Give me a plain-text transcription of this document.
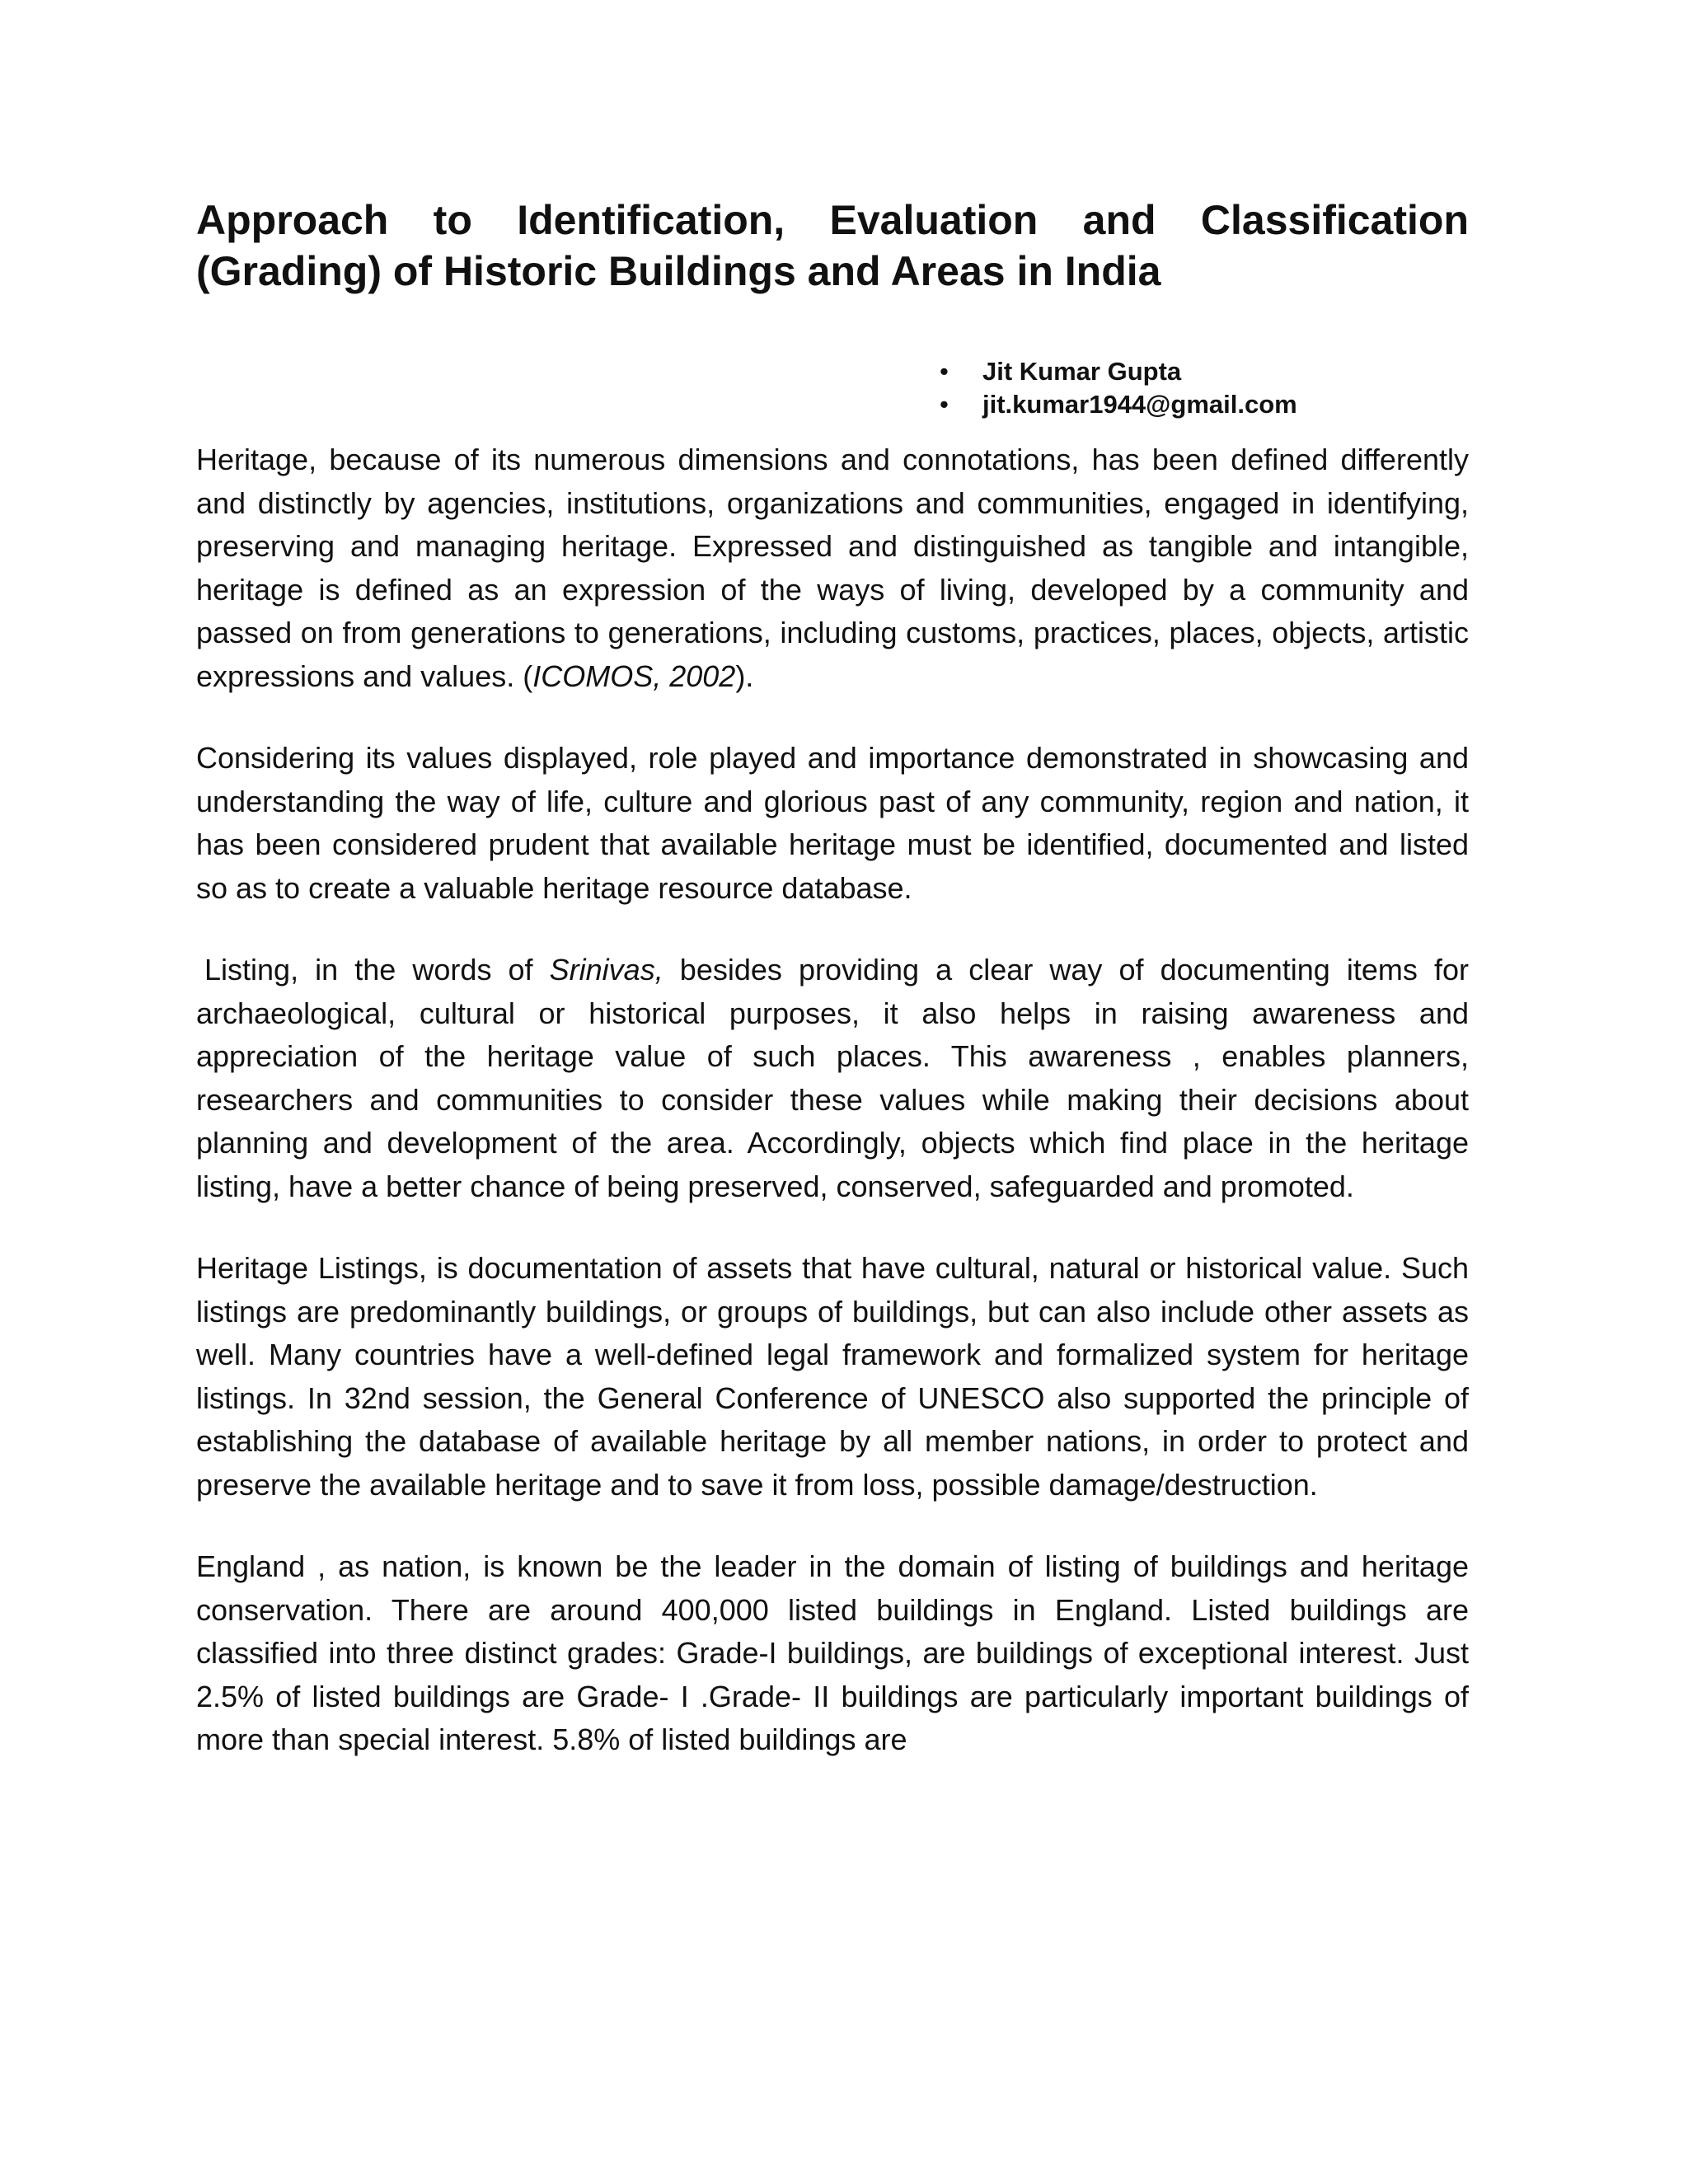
Approach to Identification, Evaluation and Classification (Grading) of Historic Buildings and Areas in India
• Jit Kumar Gupta
• jit.kumar1944@gmail.com

Heritage, because of its numerous dimensions and connotations, has been defined differently and distinctly by agencies, institutions, organizations and communities, engaged in identifying, preserving and managing heritage. Expressed and distinguished as tangible and intangible, heritage is defined as an expression of the ways of living, developed by a community and passed on from generations to generations, including customs, practices, places, objects, artistic expressions and values. (ICOMOS, 2002).

Considering its values displayed, role played and importance demonstrated in showcasing and understanding the way of life, culture and glorious past of any community, region and nation, it has been considered prudent that available heritage must be identified, documented and listed so as to create a valuable heritage resource database.

Listing, in the words of Srinivas, besides providing a clear way of documenting items for archaeological, cultural or historical purposes, it also helps in raising awareness and appreciation of the heritage value of such places. This awareness , enables planners, researchers and communities to consider these values while making their decisions about planning and development of the area. Accordingly, objects which find place in the heritage listing, have a better chance of being preserved, conserved, safeguarded and promoted.

Heritage Listings, is documentation of assets that have cultural, natural or historical value. Such listings are predominantly buildings, or groups of buildings, but can also include other assets as well. Many countries have a well-defined legal framework and formalized system for heritage listings. In 32nd session, the General Conference of UNESCO also supported the principle of establishing the database of available heritage by all member nations, in order to protect and preserve the available heritage and to save it from loss, possible damage/destruction.

England , as nation, is known be the leader in the domain of listing of buildings and heritage conservation. There are around 400,000 listed buildings in England. Listed buildings are classified into three distinct grades: Grade-I buildings, are buildings of exceptional interest. Just 2.5% of listed buildings are Grade- I .Grade- II buildings are particularly important buildings of more than special interest. 5.8% of listed buildings are
